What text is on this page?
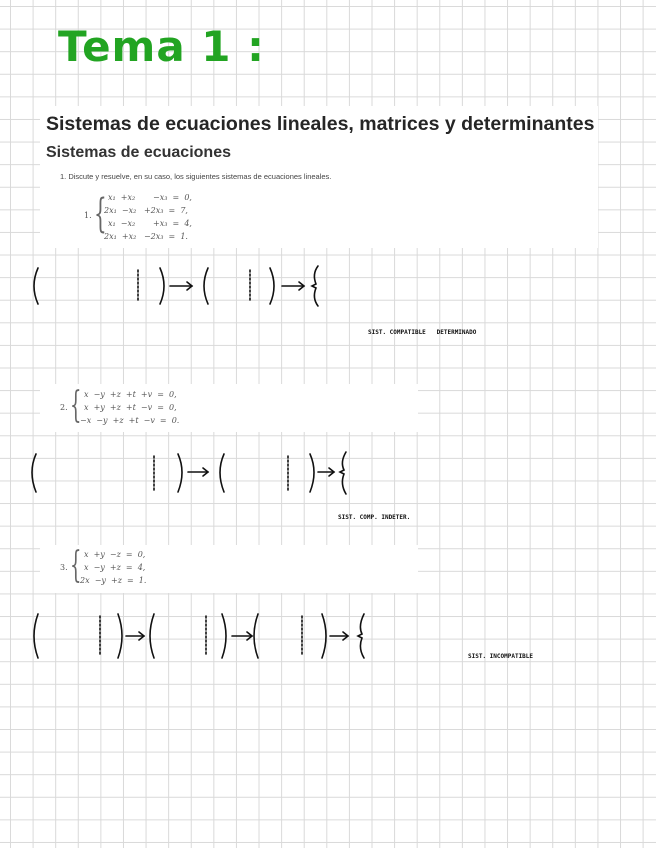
Tema 1 :
Sistemas de ecuaciones lineales, matrices y determinantes
Sistemas de ecuaciones
1. Discute y resuelve, en su caso, los siguientes sistemas de ecuaciones lineales.
1. { x₁  +x₂       −x₃  =  0,
2x₁  −x₂   +2x₃  =  7,
x₁  −x₂       +x₃  =  4,
2x₁  +x₂   −2x₃  =  1.
2. { x  −y  +z  +t  +v  =  0,
x  +y  +z  +t  −v  =  0,
−x  −y  +z  +t  −v  =  0.
3. { x  +y  −z  =  0,
x  −y  +z  =  4,
2x  −y  +z  =  1.
SIST. COMPATIBLE   DETERMINADO
SIST. COMP. INDETER.
SIST. INCOMPATIBLE
